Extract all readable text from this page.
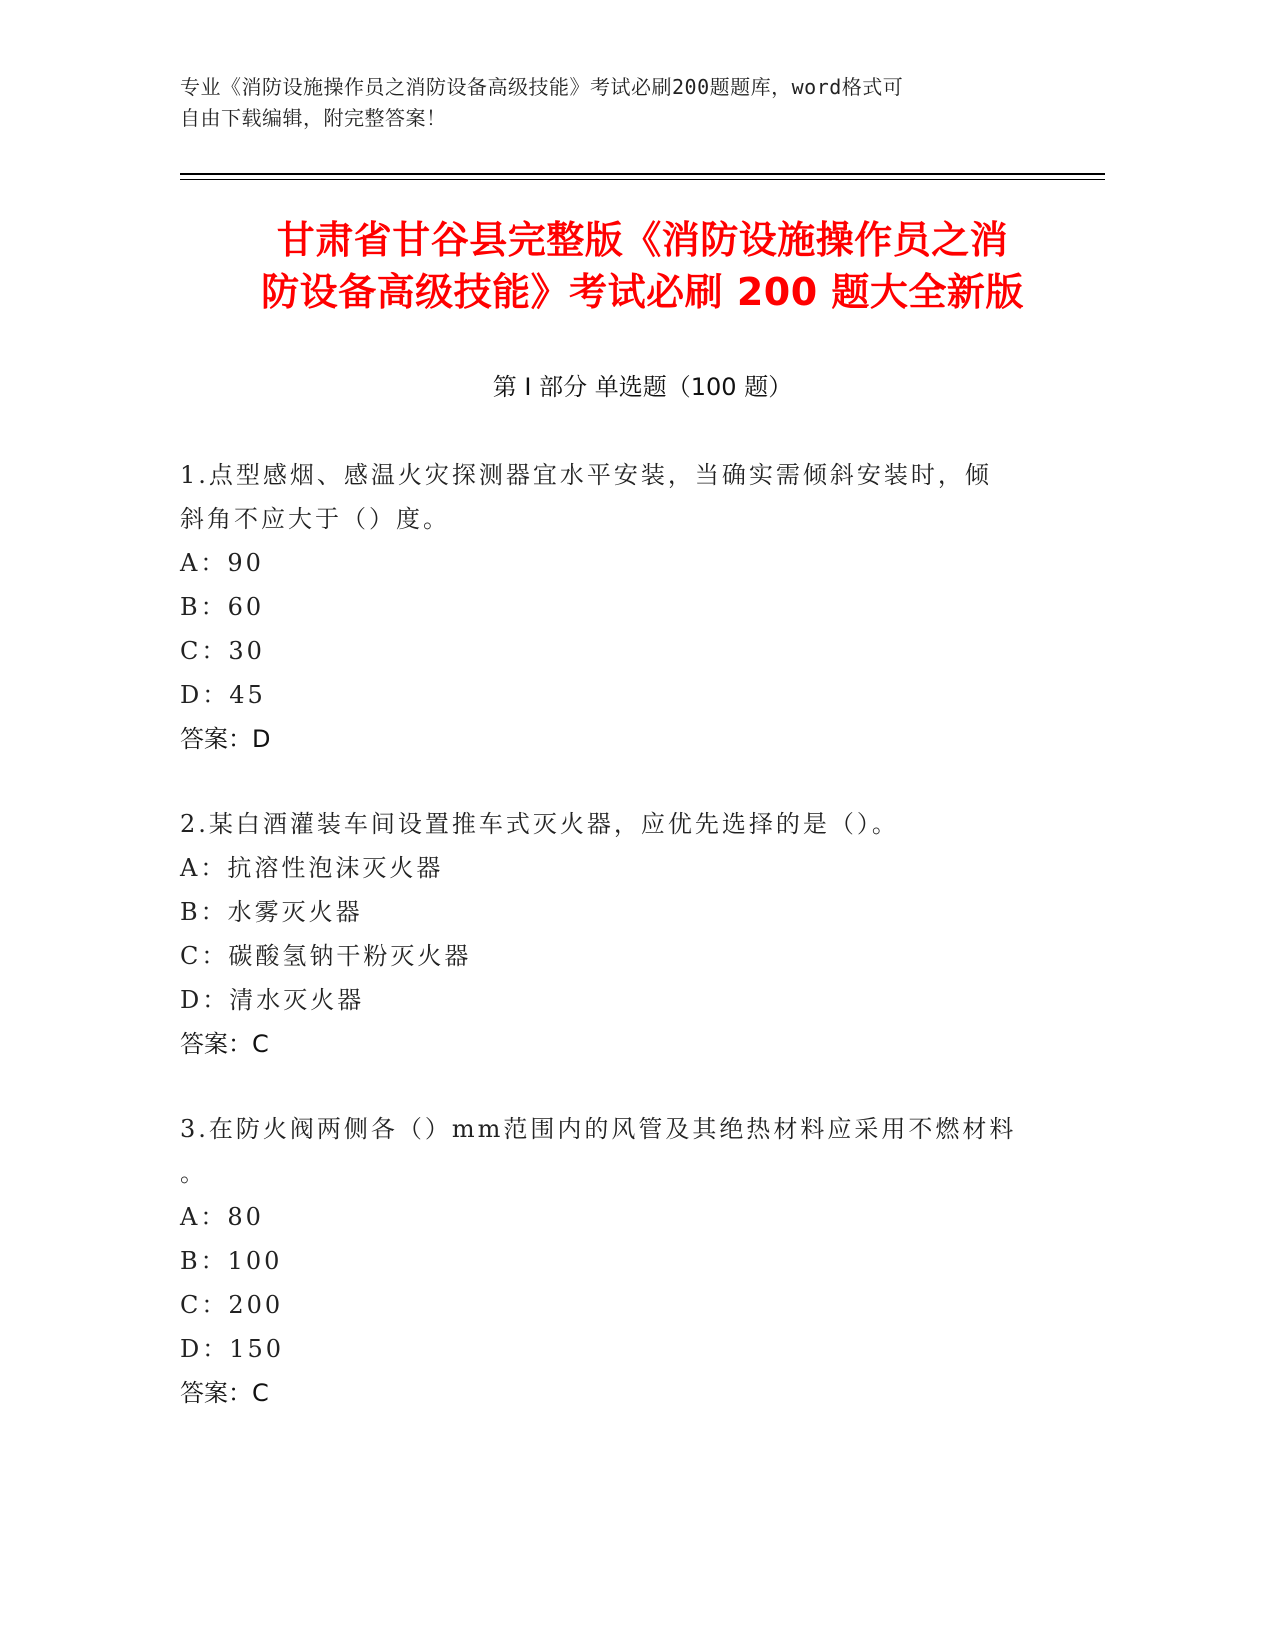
专业《消防设施操作员之消防设备高级技能》考试必刷200题题库，word格式可
自由下载编辑，附完整答案！
甘肃省甘谷县完整版《消防设施操作员之消
防设备高级技能》考试必刷 200 题大全新版
第 I 部分 单选题（100 题）

1.点型感烟、感温火灾探测器宜水平安装，当确实需倾斜安装时，倾

斜角不应大于（）度。

A：90

B：60

C：30

D：45

答案：D

2.某白酒灌装车间设置推车式灭火器，应优先选择的是（）。

A：抗溶性泡沫灭火器

B：水雾灭火器

C：碳酸氢钠干粉灭火器

D：清水灭火器

答案：C

3.在防火阀两侧各（）mm范围内的风管及其绝热材料应采用不燃材料

。

A：80

B：100

C：200

D：150

答案：C
